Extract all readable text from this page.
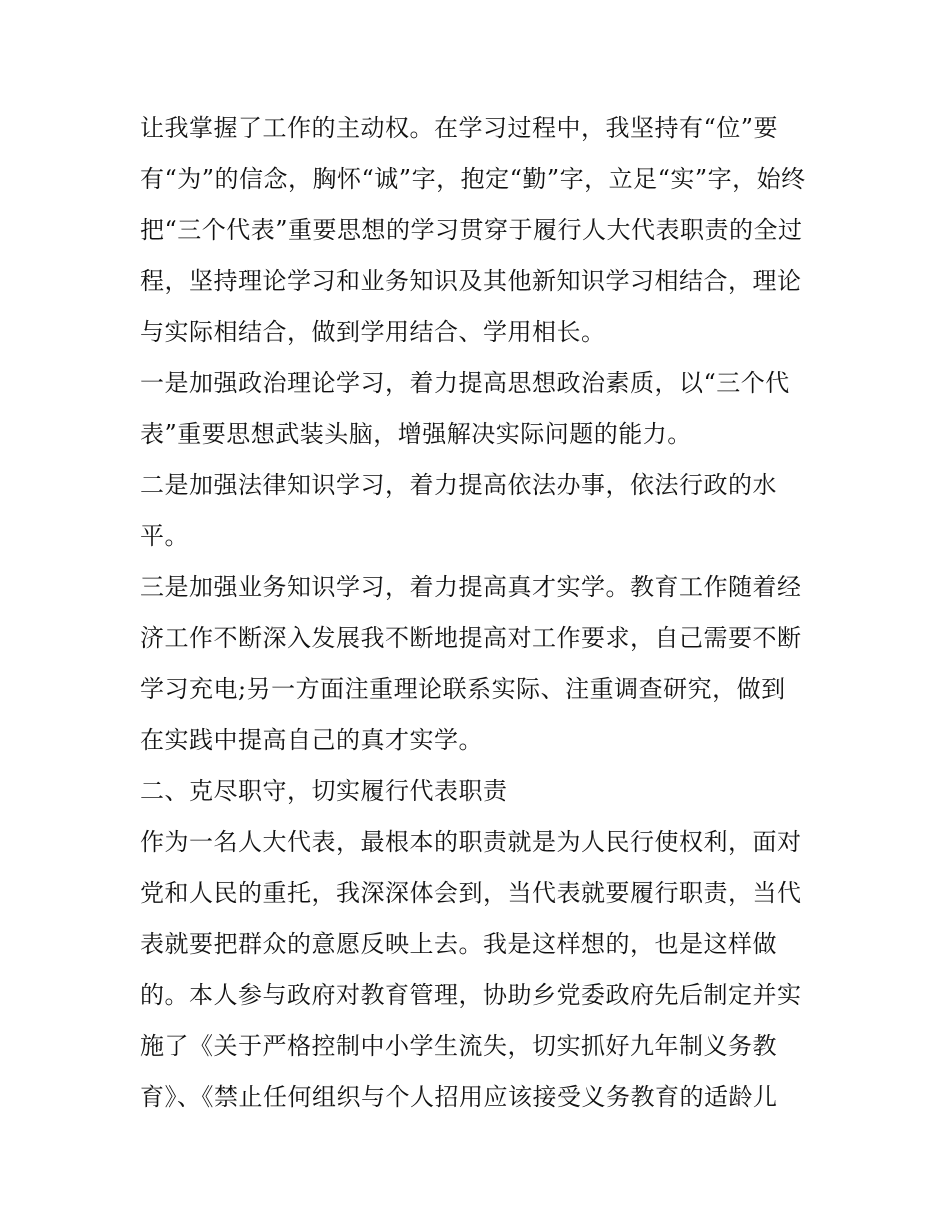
让我掌握了工作的主动权。在学习过程中，我坚持有“位”要
有“为”的信念，胸怀“诚”字，抱定“勤”字，立足“实”字，始终
把“三个代表”重要思想的学习贯穿于履行人大代表职责的全过
程，坚持理论学习和业务知识及其他新知识学习相结合，理论
与实际相结合，做到学用结合、学用相长。
一是加强政治理论学习，着力提高思想政治素质，以“三个代
表”重要思想武装头脑，增强解决实际问题的能力。
二是加强法律知识学习，着力提高依法办事，依法行政的水
平。
三是加强业务知识学习，着力提高真才实学。教育工作随着经
济工作不断深入发展我不断地提高对工作要求，自己需要不断
学习充电;另一方面注重理论联系实际、注重调查研究，做到
在实践中提高自己的真才实学。
二、克尽职守，切实履行代表职责
作为一名人大代表，最根本的职责就是为人民行使权利，面对
党和人民的重托，我深深体会到，当代表就要履行职责，当代
表就要把群众的意愿反映上去。我是这样想的，也是这样做
的。本人参与政府对教育管理，协助乡党委政府先后制定并实
施了《关于严格控制中小学生流失，切实抓好九年制义务教
育》、《禁止任何组织与个人招用应该接受义务教育的适龄儿
